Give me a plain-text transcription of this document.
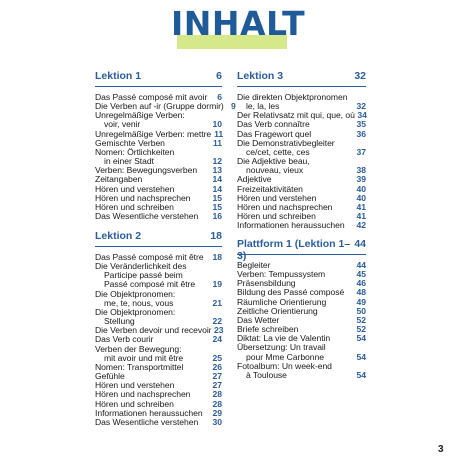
INHALT
Lektion 1	6
Das Passé composé mit avoir	6
Die Verben auf -ir (Gruppe dormir) 9
Unregelmäßige Verben:
voir, venir	10
Unregelmäßige Verben: mettre 11
Gemischte Verben	11
Nomen: Örtlichkeiten
in einer Stadt	12
Verben: Bewegungsverben 13
Zeitangaben	14
Hören und verstehen	14
Hören und nachsprechen	15
Hören und schreiben	15
Das Wesentliche verstehen 16
Lektion 2	18
Das Passé composé mit être 18
Die Veränderlichkeit des
Participe passé beim
Passé composé mit être 19
Die Objektpronomen:
me, te, nous, vous	21
Die Objektpronomen:
Stellung	22
Die Verben devoir und recevoir 23
Das Verb courir	24
Verben der Bewegung:
mit avoir und mit être	25
Nomen: Transportmittel	26
Gefühle	27
Hören und verstehen	27
Hören und nachsprechen	28
Hören und schreiben	28
Informationen heraussuchen 29
Das Wesentliche verstehen 30
Lektion 3	32
Die direkten Objektpronomen
le, la, les	32
Der Relativsatz mit qui, que, où 34
Das Verb connaître	35
Das Fragewort quel	36
Die Demonstrativbegleiter
ce/cet, cette, ces	37
Die Adjektive beau,
nouveau, vieux	38
Adjektive	39
Freizeitaktivitäten	40
Hören und verstehen	40
Hören und nachsprechen	41
Hören und schreiben	41
Informationen heraussuchen 42
Plattform 1 (Lektion 1–3)
44
Begleiter	44
Verben: Tempussystem	45
Präsensbildung	46
Bildung des Passé composé 48
Räumliche Orientierung	49
Zeitliche Orientierung	50
Das Wetter	52
Briefe schreiben	52
Diktat: La vie de Valentin	54
Übersetzung: Un travail
pour Mme Carbonne	54
Fotoalbum: Un week-end
à Toulouse	54
3
